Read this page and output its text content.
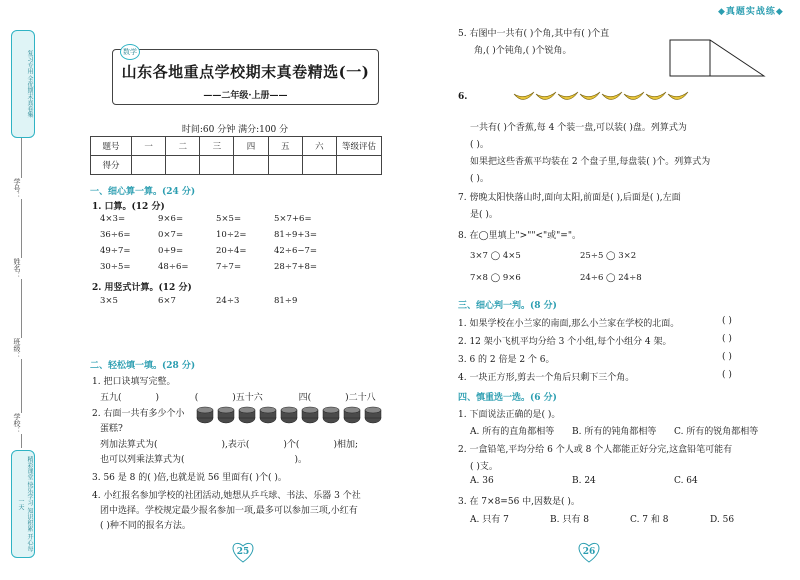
复习专用 全优期末真卷集
学号：
姓名：
班级：
学校：
精彩课堂 快乐学习 知识积累 开心每一天
数学
山东各地重点学校期末真卷精选(一)
——二年级·上册——
时间:60 分钟 满分:100 分
题号	一	二	三	四	五	六	等级评估
得分							
一、细心算一算。(24 分)
1. 口算。(12 分)
4×3=	9×6=	5×5=	5×7+6=
36÷6=	0×7=	10÷2=	81÷9+3=
49÷7=	0+9=	20÷4=	42÷6−7=
30÷5=	48÷6=	7÷7=	28÷7+8=
2. 用竖式计算。(12 分)
3×5	6×7	24÷3	81÷9
二、轻松填一填。(28 分)
1. 把口诀填写完整。
五九(	)	(	)五十六	四(	)二十八
2. 右面一共有多少个小
蛋糕?
列加法算式为(	),表示(	)个(	)相加;
也可以列乘法算式为(	)。
3. 56 是 8 的( )倍,也就是说 56 里面有( )个( )。
4. 小红报名参加学校的社团活动,她想从乒乓球、书法、乐器 3 个社
团中选择。学校规定最少报名参加一项,最多可以参加三项,小红有
( )种不同的报名方法。
25
◆真题实战练◆
5. 右图中一共有( )个角,其中有( )个直
角,( )个钝角,( )个锐角。
6.
一共有( )个香蕉,每 4 个装一盘,可以装( )盘。列算式为
( )。
如果把这些香蕉平均装在 2 个盘子里,每盘装( )个。列算式为
( )。
7. 傍晚太阳快落山时,面向太阳,前面是( ),后面是( ),左面
是( )。
8. 在◯里填上">""<"或"="。
3×7 ◯ 4×5	25÷5 ◯ 3×2
7×8 ◯ 9×6	24÷6 ◯ 24÷8
三、细心判一判。(8 分)
1. 如果学校在小兰家的南面,那么小兰家在学校的北面。	( )
2. 12 架小飞机平均分给 3 个小组,每个小组分 4 架。	( )
3. 6 的 2 倍是 2 个 6。	( )
4. 一块正方形,剪去一个角后只剩下三个角。	( )
四、慎重选一选。(6 分)
1. 下面说法正确的是( )。
A. 所有的直角都相等 B. 所有的钝角都相等 C. 所有的锐角都相等
2. 一盒铅笔,平均分给 6 个人或 8 个人都能正好分完,这盒铅笔可能有
( )支。
A. 36	B. 24	C. 64
3. 在 7×8=56 中,因数是( )。
A. 只有 7	B. 只有 8	C. 7 和 8	D. 56
26
